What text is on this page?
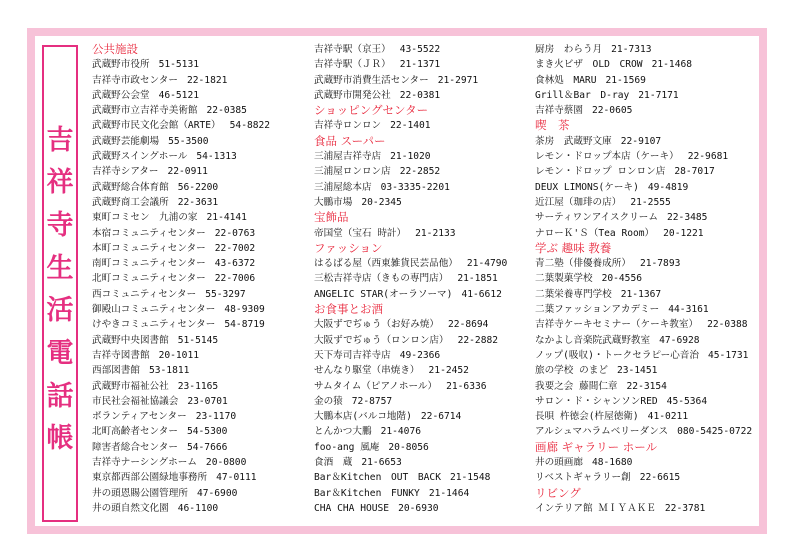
吉
祥
寺
生
活
電
話
帳
公共施設
武蔵野市役所 51-5131
吉祥寺市政センター 22-1821
武蔵野公会堂 46-5121
武蔵野市立吉祥寺美術館 22-0385
武蔵野市民文化会館（ARTE） 54-8822
武蔵野芸能劇場 55-3500
武蔵野スイングホール 54-1313
吉祥寺シアター 22-0911
武蔵野総合体育館 56-2200
武蔵野商工会議所 22-3631
東町コミセン　九浦の家 21-4141
本宿コミュニティセンター 22-0763
本町コミュニティセンター 22-7002
南町コミュニティセンター 43-6372
北町コミュニティセンター 22-7006
西コミュニティセンター 55-3297
御殿山コミュニティセンター 48-9309
けやきコミュニティセンター 54-8719
武蔵野中央図書館 51-5145
吉祥寺図書館 20-1011
西部図書館 53-1811
武蔵野市福祉公社 23-1165
市民社会福祉協議会 23-0701
ボランティアセンター 23-1170
北町高齢者センター 54-5300
障害者総合センター 54-7666
吉祥寺ナーシングホーム 20-0800
東京都西部公園緑地事務所 47-0111
井の頭恩賜公園管理所 47-6900
井の頭自然文化園 46-1100
吉祥寺駅（京王） 43-5522
吉祥寺駅（ＪＲ） 21-1371
武蔵野市消費生活センター 21-2971
武蔵野市開発公社 22-0381
ショッピングセンター
吉祥寺ロンロン 22-1401
食品 スーパー
三浦屋吉祥寺店 21-1020
三浦屋ロンロン店 22-2852
三浦屋総本店 03-3335-2201
大鵬市場 20-2345
宝飾品
帝国堂（宝石 時計） 21-2133
ファッション
はるばる屋（西東雑貨民芸品他） 21-4790
三松吉祥寺店（きもの専門店） 21-1851
ANGELIC STAR(オーラソーマ) 41-6612
お食事とお酒
大阪ずでぢゅう（お好み焼） 22-8694
大阪ずでぢゅう（ロンロン店） 22-2882
天下寿司吉祥寺店 49-2366
せんなり駆堂（串焼き） 21-2452
サムタイム（ピアノホール） 21-6336
金の猿 72-8757
大鵬本店(バルコ地階) 22-6714
とんかつ大鵬 21-4076
foo-ang 風庵 20-8056
食酒　蔵 21-6653
Bar＆Kitchen　OUT　BACK 21-1548
Bar＆Kitchen　FUNKY 21-1464
CHA CHA HOUSE 20-6930
厨房　わらう月 21-7313
まき火ビザ　OLD　CROW 21-1468
食林処　MARU 21-1569
Grill＆Bar　D-ray 21-7171
吉祥寺蔡園 22-0605
喫　茶
茶房　武蔵野文庫 22-9107
レモン・ドロップ本店（ケーキ） 22-9681
レモン・ドロップ ロンロン店 28-7017
DEUX LIMONS(ケーキ) 49-4819
近江屋（珈琲の店） 21-2555
サーティワンアイスクリーム 22-3485
ナローＫ'Ｓ（Tea Room） 20-1221
学ぶ 趣味 教養
青二塾（俳優養成所） 21-7893
二葉製菓学校 20-4556
二葉栄養専門学校 21-1367
二葉ファッションアカデミー 44-3161
吉祥寺ケーキセミナー（ケーキ教室） 22-0388
なかよし音楽院武蔵野教室 47-6928
ノップ(吸収)・トークセラピー心音治 45-1731
旅の学校 のまど 23-1451
我要之会 藤間仁章 22-3154
サロン・ド・シャンソンRED 45-5364
長唄 杵徳会(杵屋徳衛) 41-0211
アルシュマハラムベリーダンス 080-5425-0722
画廊 ギャラリー ホール
井の頭画廊 48-1680
リベストギャラリー創 22-6615
リビング
インテリア館 ＭＩＹＡＫＥ 22-3781
